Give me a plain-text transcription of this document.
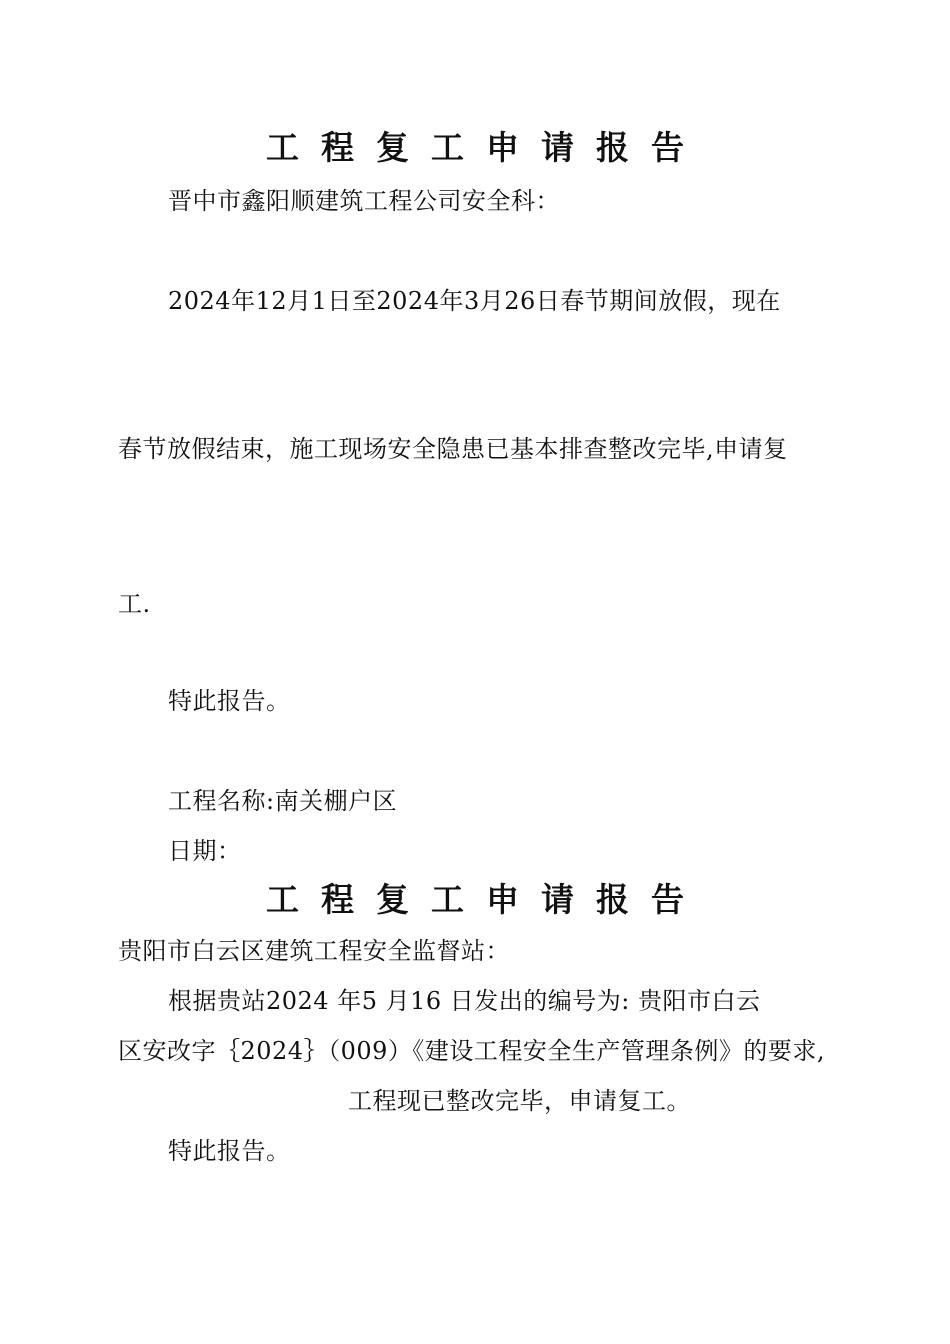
工程复工申请报告
晋中市鑫阳顺建筑工程公司安全科：
2024年12月1日至2024年3月26日春节期间放假，现在
春节放假结束，施工现场安全隐患已基本排查整改完毕,申请复
工.
特此报告。
工程名称:南关棚户区
日期：
工程复工申请报告
贵阳市白云区建筑工程安全监督站：
根据贵站2024 年5 月16 日发出的编号为: 贵阳市白云
区安改字｛2024｝（009）《建设工程安全生产管理条例》的要求,
工程现已整改完毕，申请复工。
特此报告。
